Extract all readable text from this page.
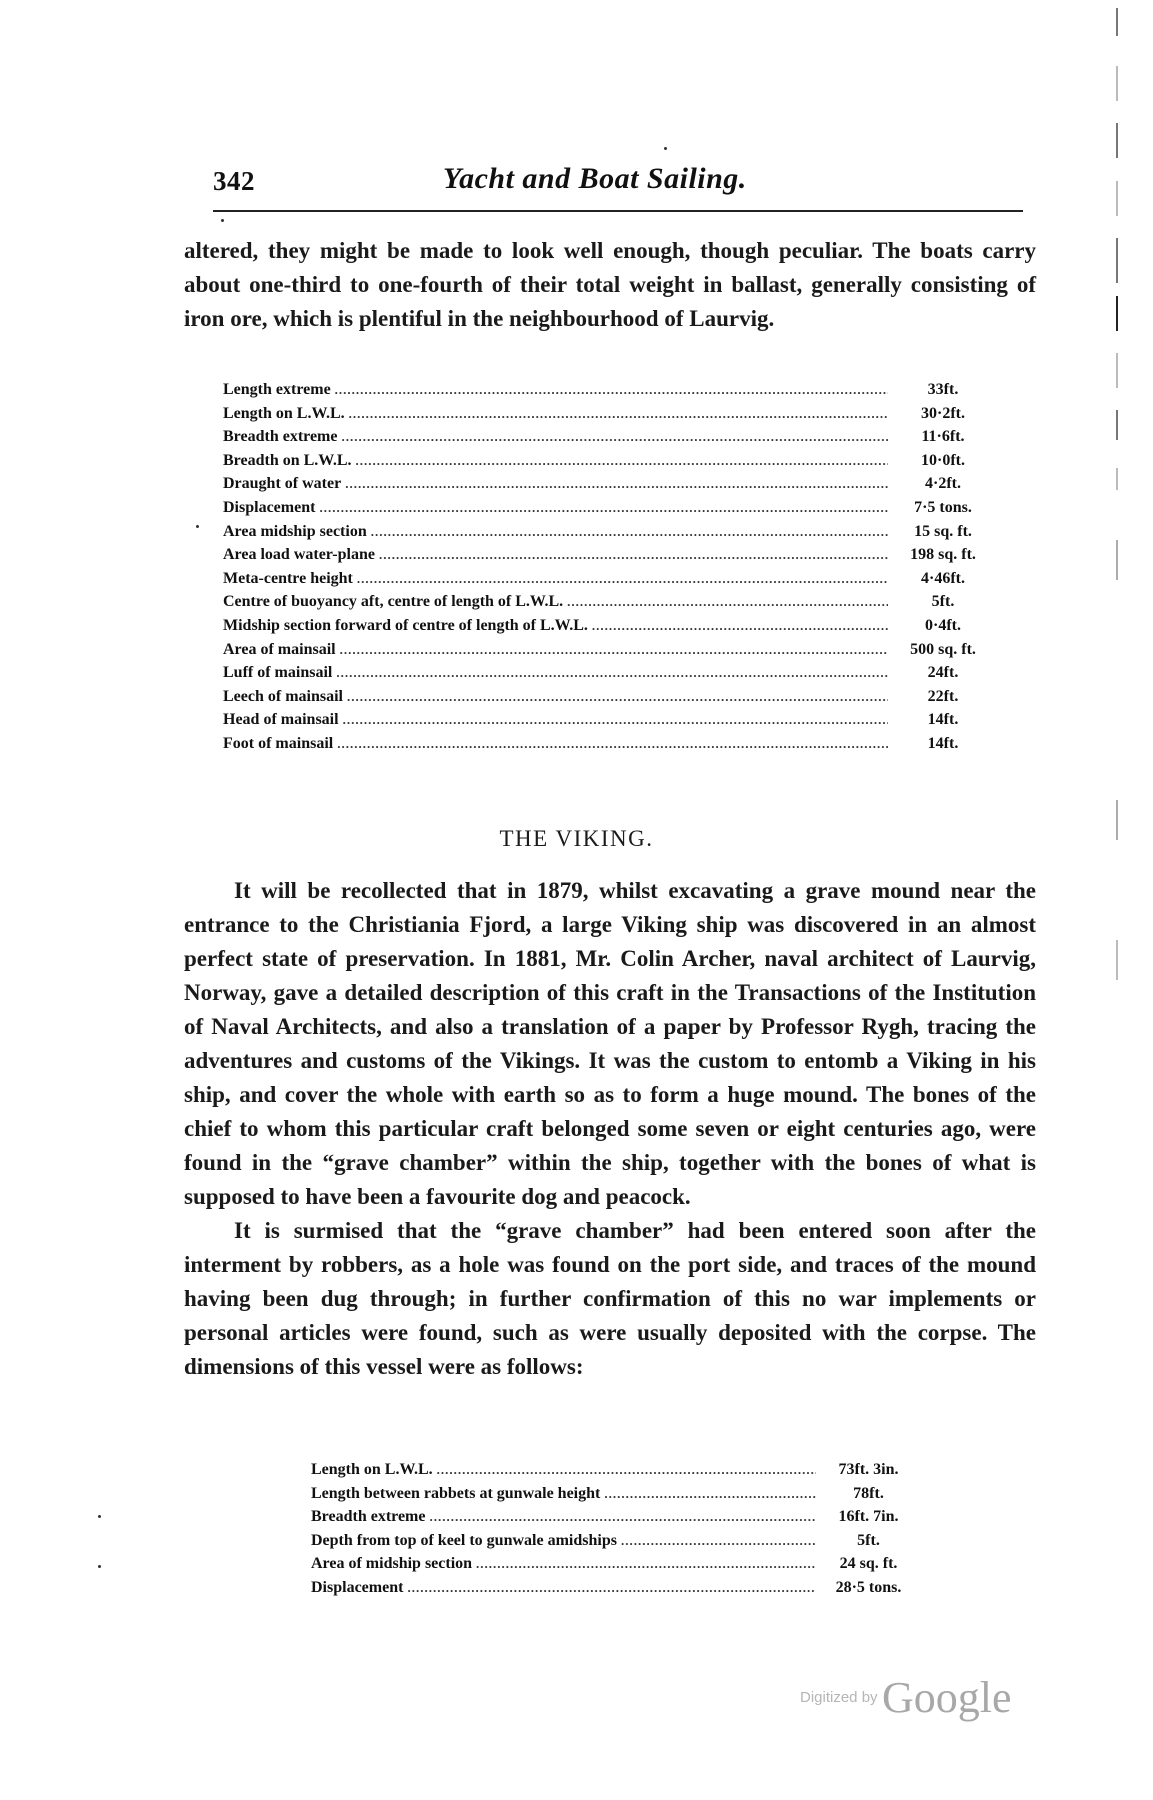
342	Yacht and Boat Sailing.

altered, they might be made to look well enough, though peculiar. The boats carry about one-third to one-fourth of their total weight in ballast, generally consisting of iron ore, which is plentiful in the neighbourhood of Laurvig.

Length extreme .....	33ft.
Length on L.W.L. .....	30·2ft.
Breadth extreme .....	11·6ft.
Breadth on L.W.L. .....	10·0ft.
Draught of water .....	4·2ft.
Displacement .....	7·5 tons.
Area midship section .....	15 sq. ft.
Area load water-plane .....	198 sq. ft.
Meta-centre height .....	4·46ft.
Centre of buoyancy aft, centre of length of L.W.L. .....	5ft.
Midship section forward of centre of length of L.W.L. .....	0·4ft.
Area of mainsail .....	500 sq. ft.
Luff of mainsail .....	24ft.
Leech of mainsail .....	22ft.
Head of mainsail .....	14ft.
Foot of mainsail .....	14ft.
THE VIKING.

It will be recollected that in 1879, whilst excavating a grave mound near the entrance to the Christiania Fjord, a large Viking ship was discovered in an almost perfect state of preservation. In 1881, Mr. Colin Archer, naval architect of Laurvig, Norway, gave a detailed description of this craft in the Transactions of the Institution of Naval Architects, and also a translation of a paper by Professor Rygh, tracing the adventures and customs of the Vikings. It was the custom to entomb a Viking in his ship, and cover the whole with earth so as to form a huge mound. The bones of the chief to whom this particular craft belonged some seven or eight centuries ago, were found in the “grave chamber” within the ship, together with the bones of what is supposed to have been a favourite dog and peacock.

It is surmised that the “grave chamber” had been entered soon after the interment by robbers, as a hole was found on the port side, and traces of the mound having been dug through; in further confirmation of this no war implements or personal articles were found, such as were usually deposited with the corpse. The dimensions of this vessel were as follows:

Length on L.W.L. .....	73ft. 3in.
Length between rabbets at gunwale height .....	78ft.
Breadth extreme .....	16ft. 7in.
Depth from top of keel to gunwale amidships .....	5ft.
Area of midship section .....	24 sq. ft.
Displacement .....	28·5 tons.
Digitized by Google
